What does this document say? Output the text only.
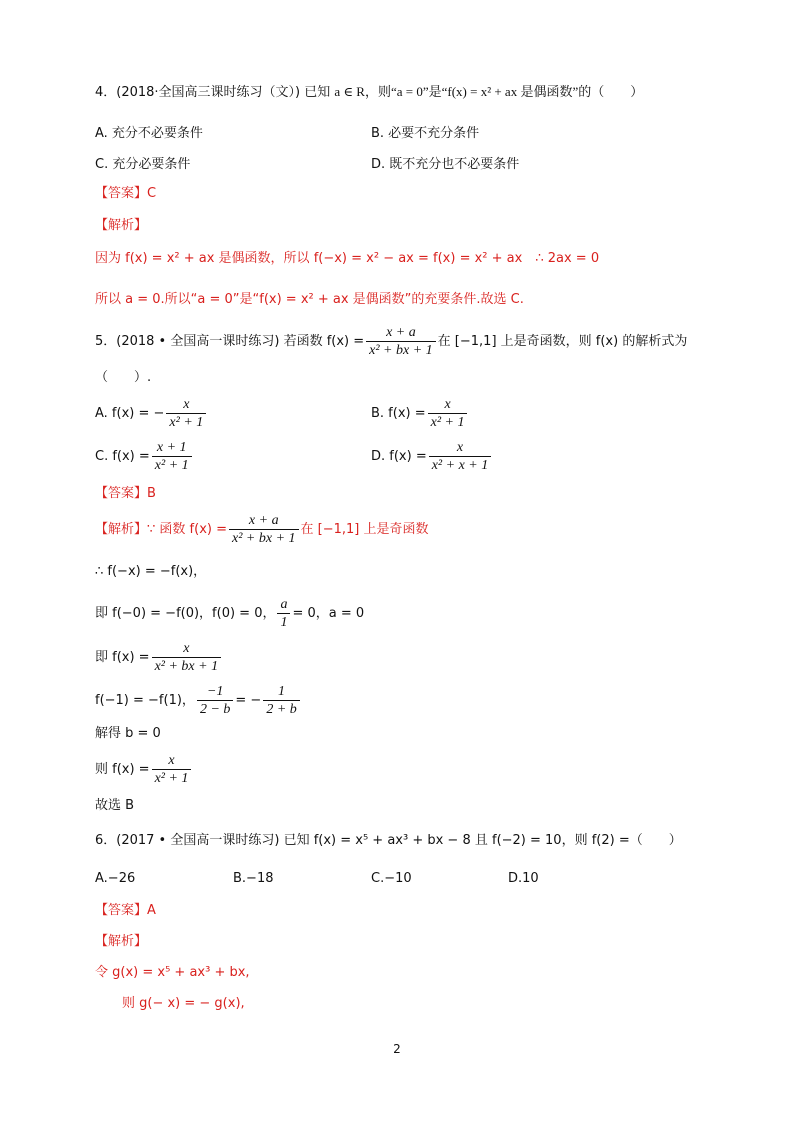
4．(2018·全国高三课时练习（文）) 已知 a ∈ R，则“a = 0”是“f(x) = x² + ax 是偶函数”的（　　）
A. 充分不必要条件	B. 必要不充分条件
C. 充分必要条件	D. 既不充分也不必要条件
【答案】C
【解析】
因为 f(x) = x² + ax 是偶函数，所以 f(−x) = x² − ax = f(x) = x² + ax　∴ 2ax = 0
所以 a = 0.所以“a = 0”是“f(x) = x² + ax 是偶函数”的充要条件.故选 C.
5．(2018 • 全国高一课时练习) 若函数 $f(x) = \frac{x + a}{\text{x² + bx + 1}}$ 在 [−1,1] 上是奇函数，则 f(x) 的解析式为
（　　）.
A. f(x) = − $\frac{x}{\text{x² + 1}}$	B. $f(x) = \frac{x}{\text{x² + 1}}$
C. $f(x) = \frac{x + 1}{\text{x² + 1}}$	D. $f(x) = \frac{x}{\text{x² + x + 1}}$
【答案】B
【解析】∵ 函数 $f(x) = \frac{x + a}{\text{x² + bx + 1}}$ 在 [−1,1] 上是奇函数
∴ f(−x) = −f(x)，
即 f(−0) = −f(0)，f(0) = 0， $\frac{a}{1} = 0$，a = 0
即 $f(x) = \frac{x}{\text{x² + bx + 1}}$
f(−1) = −f(1)， $\frac{-1}{2 - b}$ = − $\frac{1}{2 + b}$
解得 b = 0
则 $f(x) = \frac{x}{\text{x² + 1}}$
故选 B
6．(2017 • 全国高一课时练习) 已知 f(x) = x⁵ + ax³ + bx − 8 且 f(−2) = 10，则 f(2) =（　　）
A.−26	B.−18	C.−10	D.10
【答案】A
【解析】
令 g(x) = x⁵ + ax³ + bx,
则 g(− x) = − g(x),
2
